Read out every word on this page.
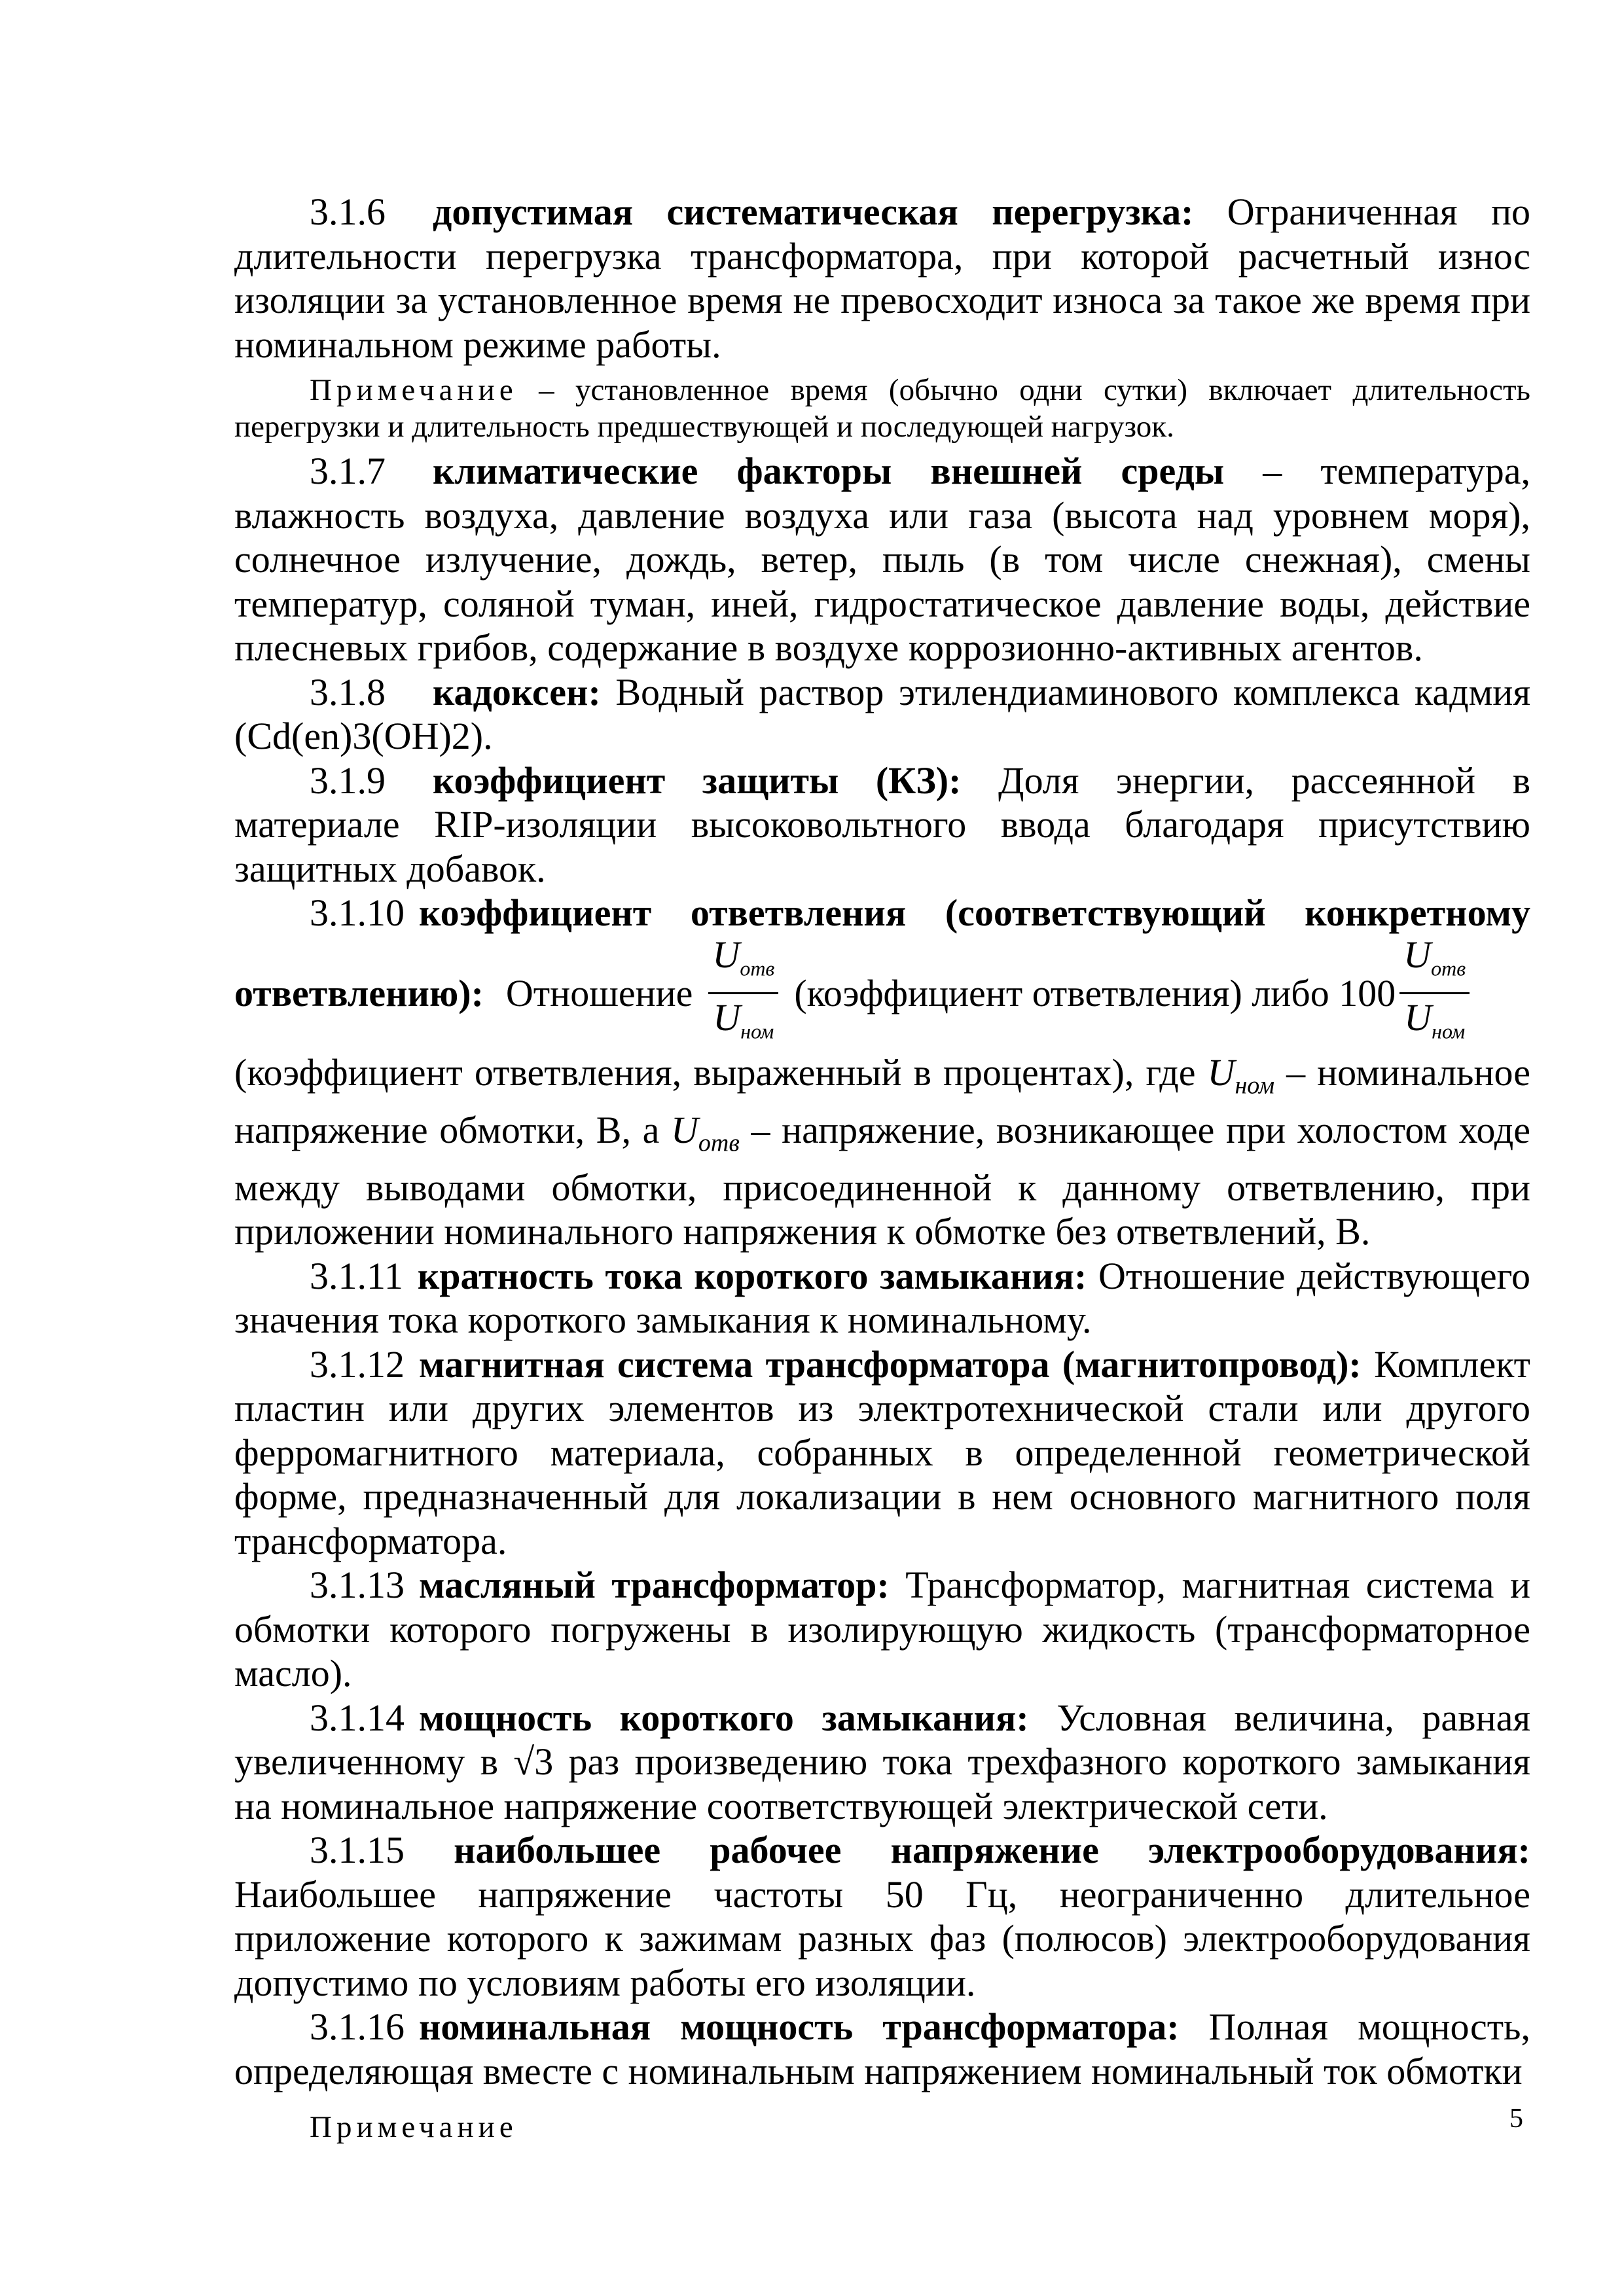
3.1.6 допустимая систематическая перегрузка: Ограниченная по длительности перегрузка трансформатора, при которой расчетный износ изоляции за установленное время не превосходит износа за такое же время при номинальном режиме работы.

Примечание – установленное время (обычно одни сутки) включает длительность перегрузки и длительность предшествующей и последующей нагрузок.

3.1.7 климатические факторы внешней среды – температура, влажность воздуха, давление воздуха или газа (высота над уровнем моря), солнечное излучение, дождь, ветер, пыль (в том числе снежная), смены температур, соляной туман, иней, гидростатическое давление воды, действие плесневых грибов, содержание в воздухе коррозионно-активных агентов.

3.1.8 кадоксен: Водный раствор этилендиаминового комплекса кадмия (Cd(en)3(OH)2).

3.1.9 коэффициент защиты (КЗ): Доля энергии, рассеянной в материале RIP-изоляции высоковольтного ввода благодаря присутствию защитных добавок.

3.1.10 коэффициент ответвления (соответствующий конкретному
ответвлению): Отношение $\frac{U_{отв}}{U_{ном}}$ (коэффициент ответвления) либо $100 \frac{U_{отв}}{U_{ном}}$

(коэффициент ответвления, выраженный в процентах), где $U_{ном}$ – номинальное напряжение обмотки, В, а $U_{отв}$ – напряжение, возникающее при холостом ходе между выводами обмотки, присоединенной к данному ответвлению, при приложении номинального напряжения к обмотке без ответвлений, В.

3.1.11 кратность тока короткого замыкания: Отношение действующего значения тока короткого замыкания к номинальному.

3.1.12 магнитная система трансформатора (магнитопровод): Комплект пластин или других элементов из электротехнической стали или другого ферромагнитного материала, собранных в определенной геометрической форме, предназначенный для локализации в нем основного магнитного поля трансформатора.

3.1.13 масляный трансформатор: Трансформатор, магнитная система и обмотки которого погружены в изолирующую жидкость (трансформаторное масло).

3.1.14 мощность короткого замыкания: Условная величина, равная увеличенному в √3 раз произведению тока трехфазного короткого замыкания на номинальное напряжение соответствующей электрической сети.

3.1.15 наибольшее рабочее напряжение электрооборудования:

Наибольшее напряжение частоты 50 Гц, неограниченно длительное приложение которого к зажимам разных фаз (полюсов) электрооборудования допустимо по условиям работы его изоляции.

3.1.16 номинальная мощность трансформатора: Полная мощность, определяющая вместе с номинальным напряжением номинальный ток обмотки

Примечание	5
